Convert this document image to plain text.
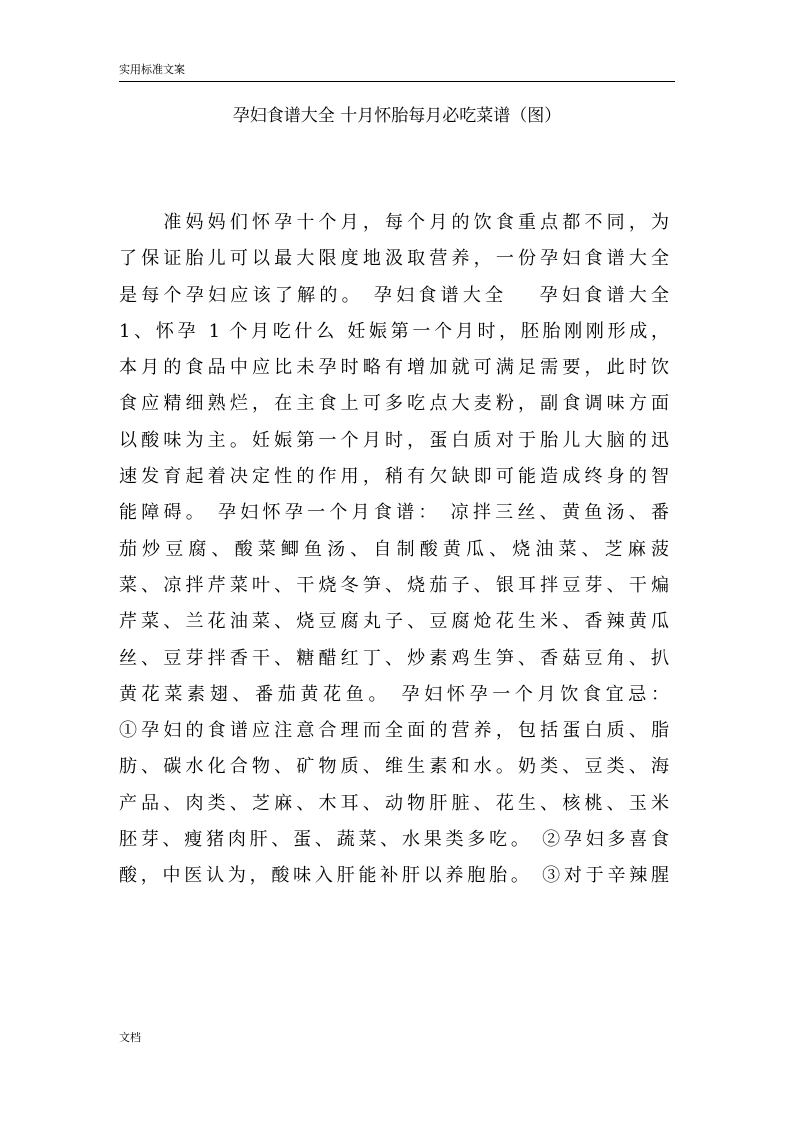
实用标准文案
孕妇食谱大全 十月怀胎每月必吃菜谱（图）
　　准妈妈们怀孕十个月，每个月的饮食重点都不同，为
了保证胎儿可以最大限度地汲取营养，一份孕妇食谱大全
是每个孕妇应该了解的。 孕妇食谱大全　 孕妇食谱大全
1、怀孕 1 个月吃什么 妊娠第一个月时，胚胎刚刚形成，
本月的食品中应比未孕时略有增加就可满足需要，此时饮
食应精细熟烂，在主食上可多吃点大麦粉，副食调味方面
以酸味为主。妊娠第一个月时，蛋白质对于胎儿大脑的迅
速发育起着决定性的作用，稍有欠缺即可能造成终身的智
能障碍。 孕妇怀孕一个月食谱： 凉拌三丝、黄鱼汤、番
茄炒豆腐、酸菜鲫鱼汤、自制酸黄瓜、烧油菜、芝麻菠
菜、凉拌芹菜叶、干烧冬笋、烧茄子、银耳拌豆芽、干煸
芹菜、兰花油菜、烧豆腐丸子、豆腐炝花生米、香辣黄瓜
丝、豆芽拌香干、糖醋红丁、炒素鸡生笋、香菇豆角、扒
黄花菜素翅、番茄黄花鱼。 孕妇怀孕一个月饮食宜忌：
①孕妇的食谱应注意合理而全面的营养，包括蛋白质、脂
肪、碳水化合物、矿物质、维生素和水。奶类、豆类、海
产品、肉类、芝麻、木耳、动物肝脏、花生、核桃、玉米
胚芽、瘦猪肉肝、蛋、蔬菜、水果类多吃。 ②孕妇多喜食
酸，中医认为，酸味入肝能补肝以养胞胎。 ③对于辛辣腥
文档
